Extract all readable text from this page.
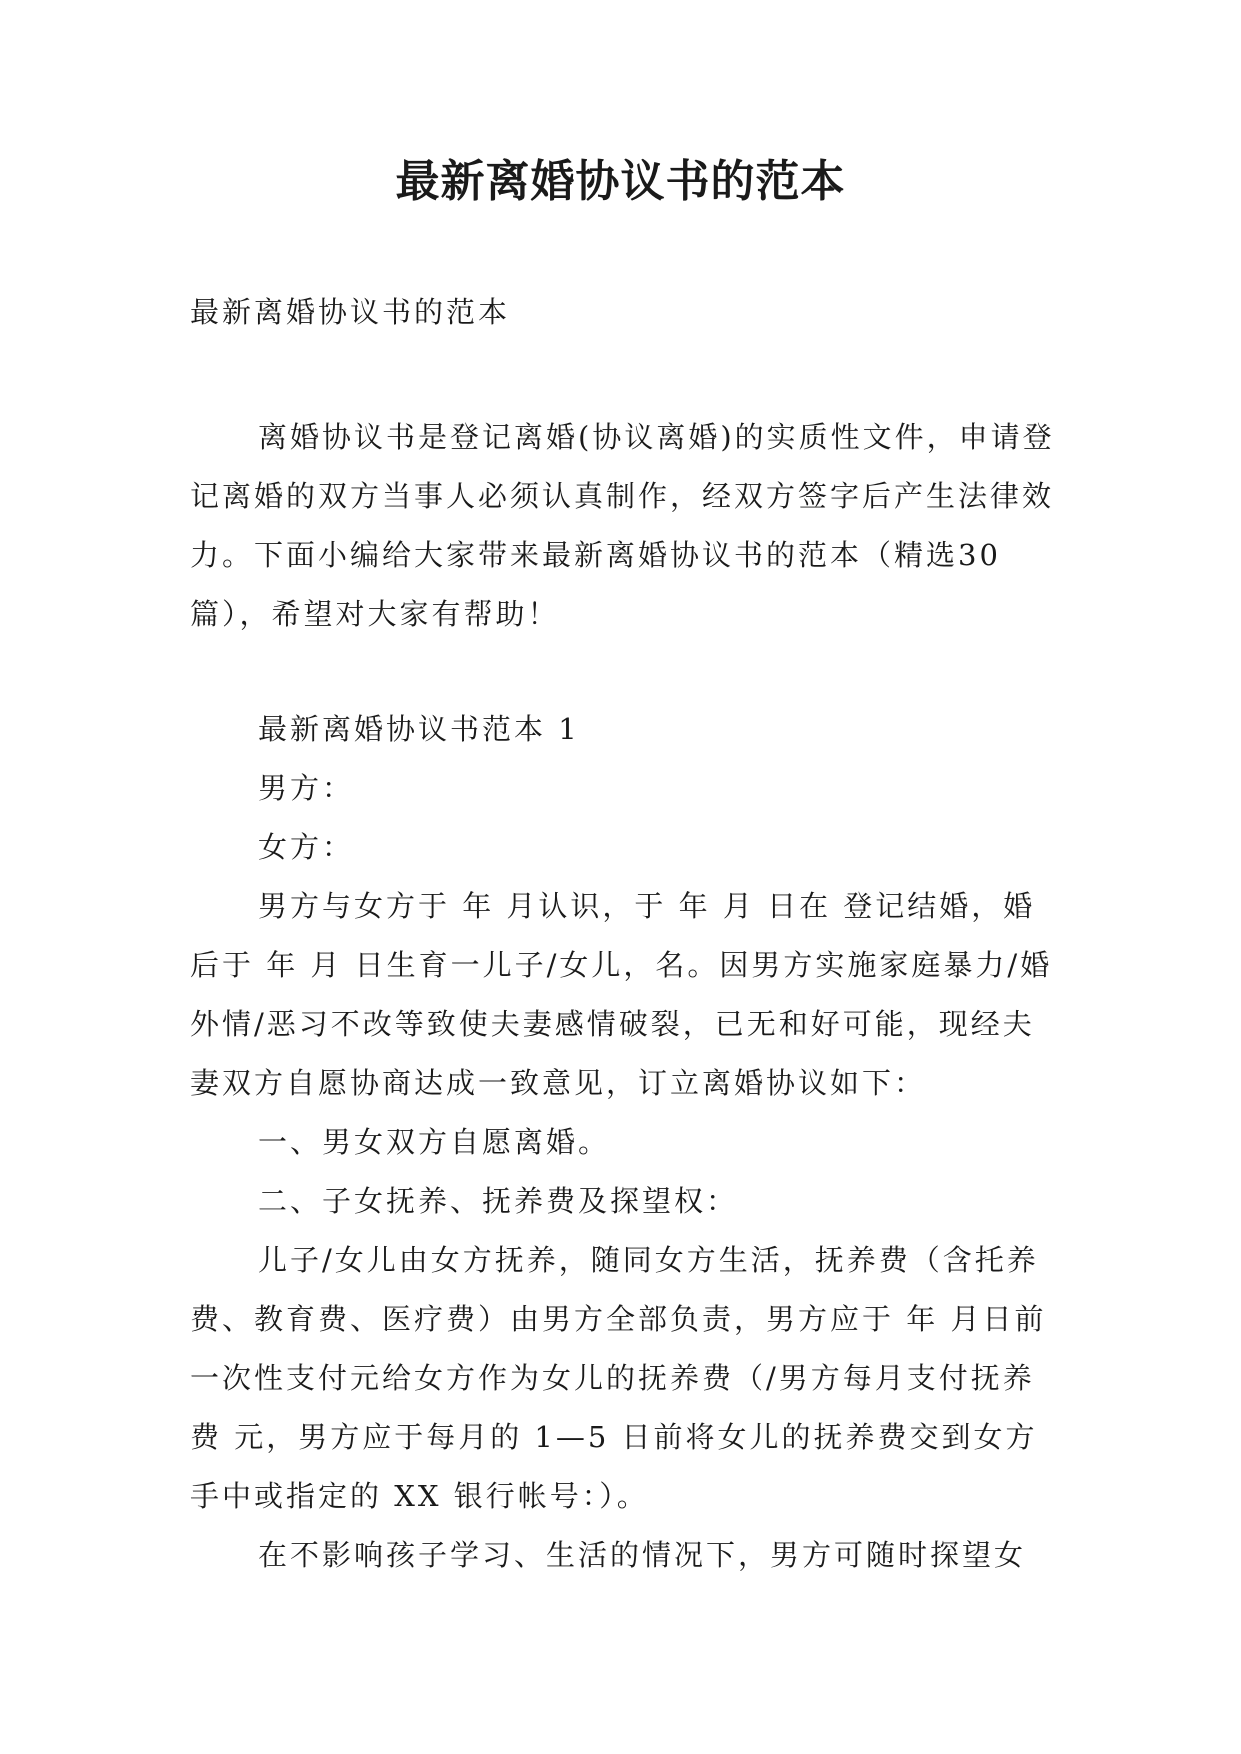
最新离婚协议书的范本
最新离婚协议书的范本

离婚协议书是登记离婚(协议离婚)的实质性文件，申请登记离婚的双方当事人必须认真制作，经双方签字后产生法律效力。下面小编给大家带来最新离婚协议书的范本（精选30篇），希望对大家有帮助！

最新离婚协议书范本 1

男方：

女方：

男方与女方于 年 月认识，于 年 月 日在 登记结婚，婚后于 年 月 日生育一儿子/女儿，名。因男方实施家庭暴力/婚外情/恶习不改等致使夫妻感情破裂，已无和好可能，现经夫妻双方自愿协商达成一致意见，订立离婚协议如下：

一、男女双方自愿离婚。

二、子女抚养、抚养费及探望权：

儿子/女儿由女方抚养，随同女方生活，抚养费（含托养费、教育费、医疗费）由男方全部负责，男方应于 年 月日前一次性支付元给女方作为女儿的抚养费（/男方每月支付抚养费 元，男方应于每月的 1—5 日前将女儿的抚养费交到女方手中或指定的 XX 银行帐号：）。

在不影响孩子学习、生活的情况下，男方可随时探望女
